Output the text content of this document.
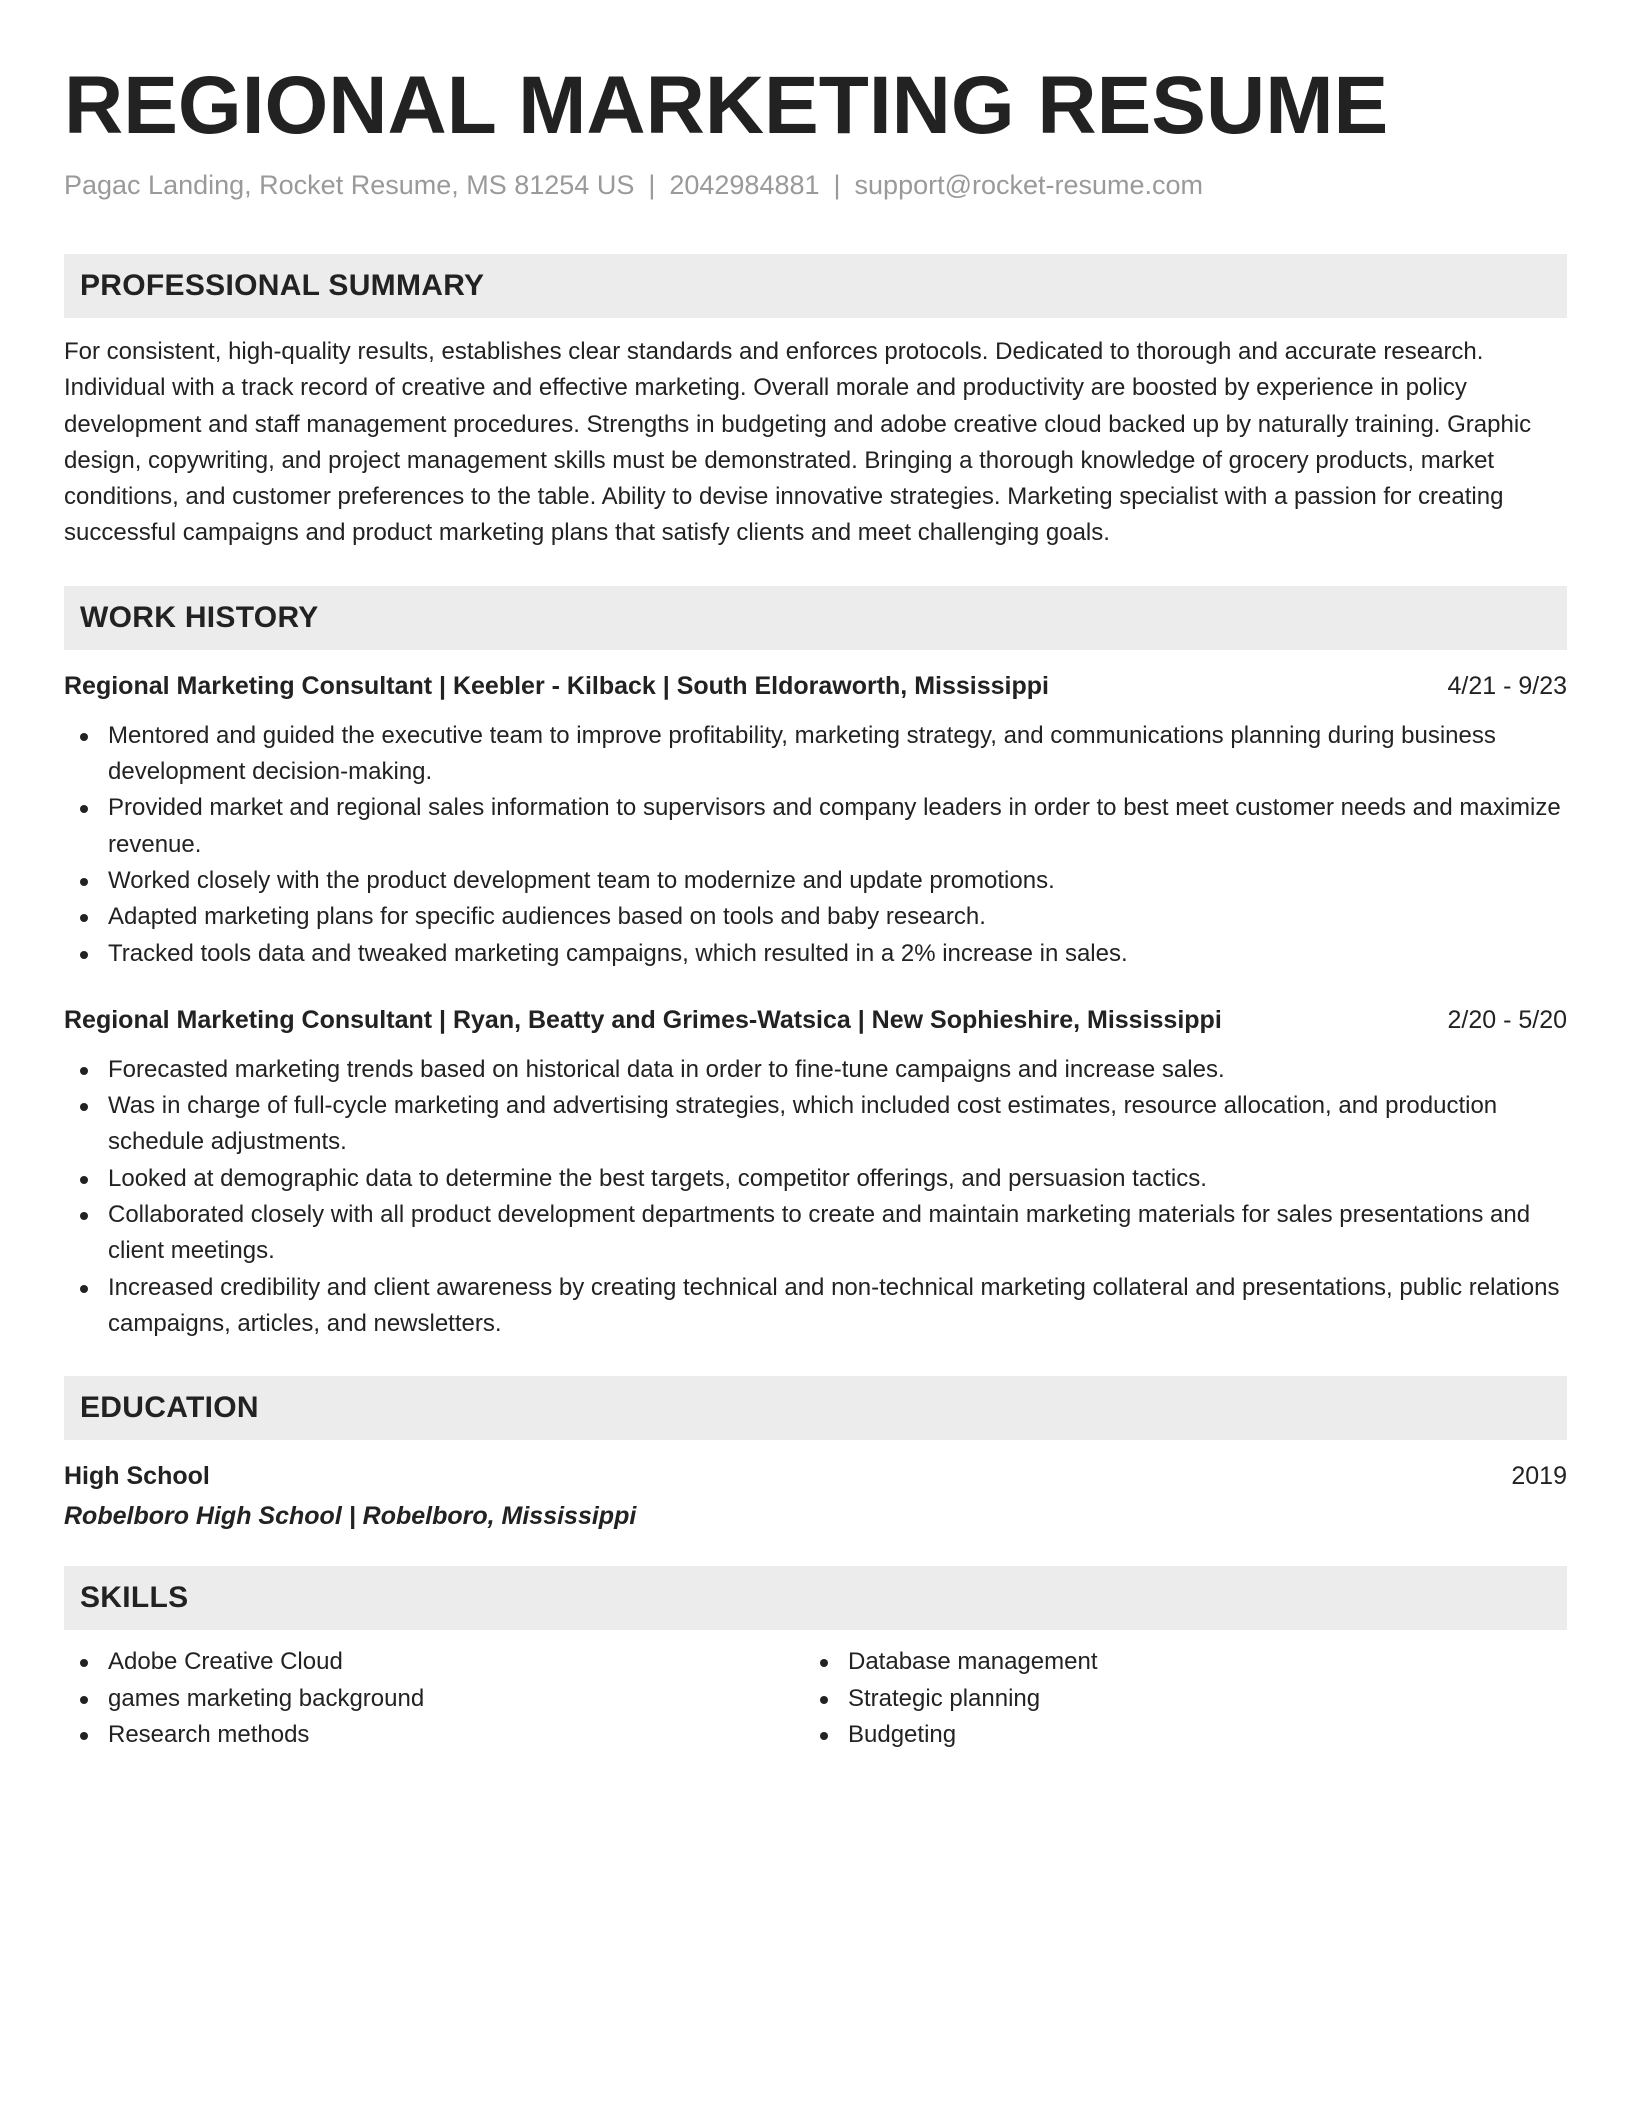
REGIONAL MARKETING RESUME
Pagac Landing, Rocket Resume, MS 81254 US | 2042984881 | support@rocket-resume.com
PROFESSIONAL SUMMARY
For consistent, high-quality results, establishes clear standards and enforces protocols. Dedicated to thorough and accurate research. Individual with a track record of creative and effective marketing. Overall morale and productivity are boosted by experience in policy development and staff management procedures. Strengths in budgeting and adobe creative cloud backed up by naturally training. Graphic design, copywriting, and project management skills must be demonstrated. Bringing a thorough knowledge of grocery products, market conditions, and customer preferences to the table. Ability to devise innovative strategies. Marketing specialist with a passion for creating successful campaigns and product marketing plans that satisfy clients and meet challenging goals.
WORK HISTORY
Regional Marketing Consultant | Keebler - Kilback | South Eldoraworth, Mississippi	4/21 - 9/23
Mentored and guided the executive team to improve profitability, marketing strategy, and communications planning during business development decision-making.
Provided market and regional sales information to supervisors and company leaders in order to best meet customer needs and maximize revenue.
Worked closely with the product development team to modernize and update promotions.
Adapted marketing plans for specific audiences based on tools and baby research.
Tracked tools data and tweaked marketing campaigns, which resulted in a 2% increase in sales.
Regional Marketing Consultant | Ryan, Beatty and Grimes-Watsica | New Sophieshire, Mississippi	2/20 - 5/20
Forecasted marketing trends based on historical data in order to fine-tune campaigns and increase sales.
Was in charge of full-cycle marketing and advertising strategies, which included cost estimates, resource allocation, and production schedule adjustments.
Looked at demographic data to determine the best targets, competitor offerings, and persuasion tactics.
Collaborated closely with all product development departments to create and maintain marketing materials for sales presentations and client meetings.
Increased credibility and client awareness by creating technical and non-technical marketing collateral and presentations, public relations campaigns, articles, and newsletters.
EDUCATION
High School	2019
Robelboro High School | Robelboro, Mississippi
SKILLS
Adobe Creative Cloud
games marketing background
Research methods
Database management
Strategic planning
Budgeting
